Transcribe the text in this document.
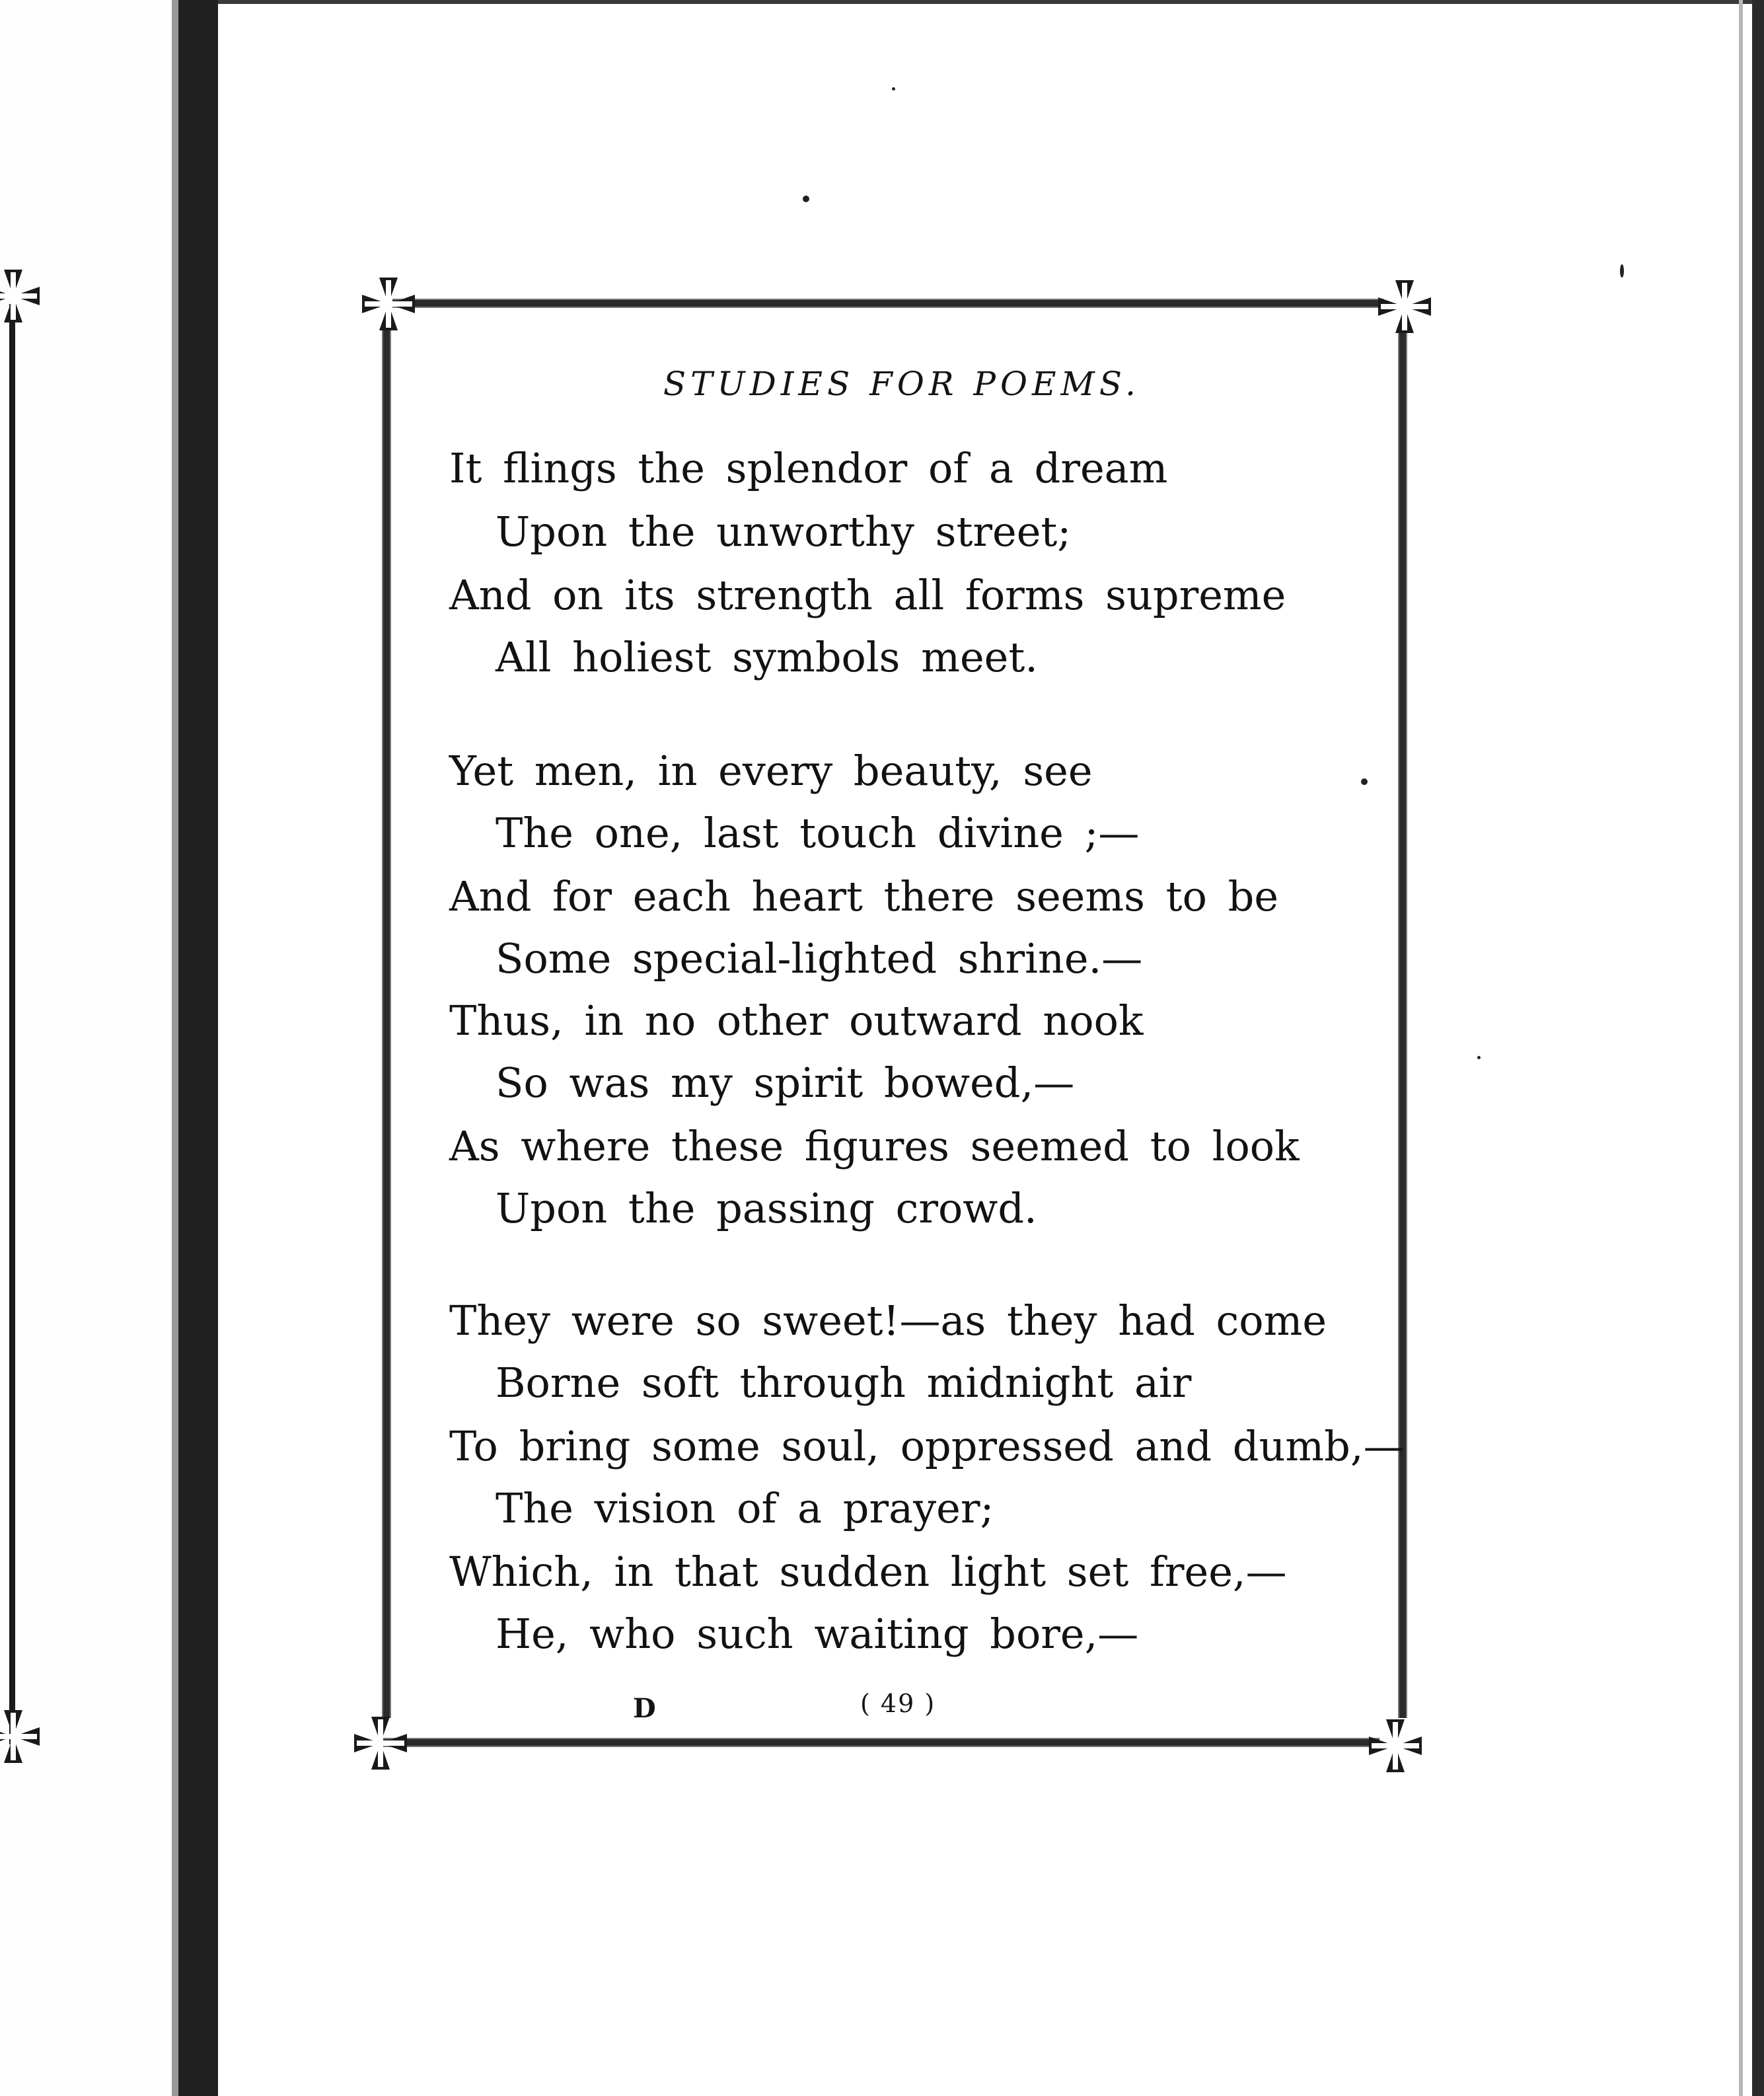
STUDIES FOR POEMS.
It flings the splendor of a dream
Upon the unworthy street;
And on its strength all forms supreme
All holiest symbols meet.
Yet men, in every beauty, see
The one, last touch divine ;—
And for each heart there seems to be
Some special-lighted shrine.—
Thus, in no other outward nook
So was my spirit bowed,—
As where these figures seemed to look
Upon the passing crowd.
They were so sweet!—as they had come
Borne soft through midnight air
To bring some soul, oppressed and dumb,—
The vision of a prayer;
Which, in that sudden light set free,—
He, who such waiting bore,—
D	( 49 )
